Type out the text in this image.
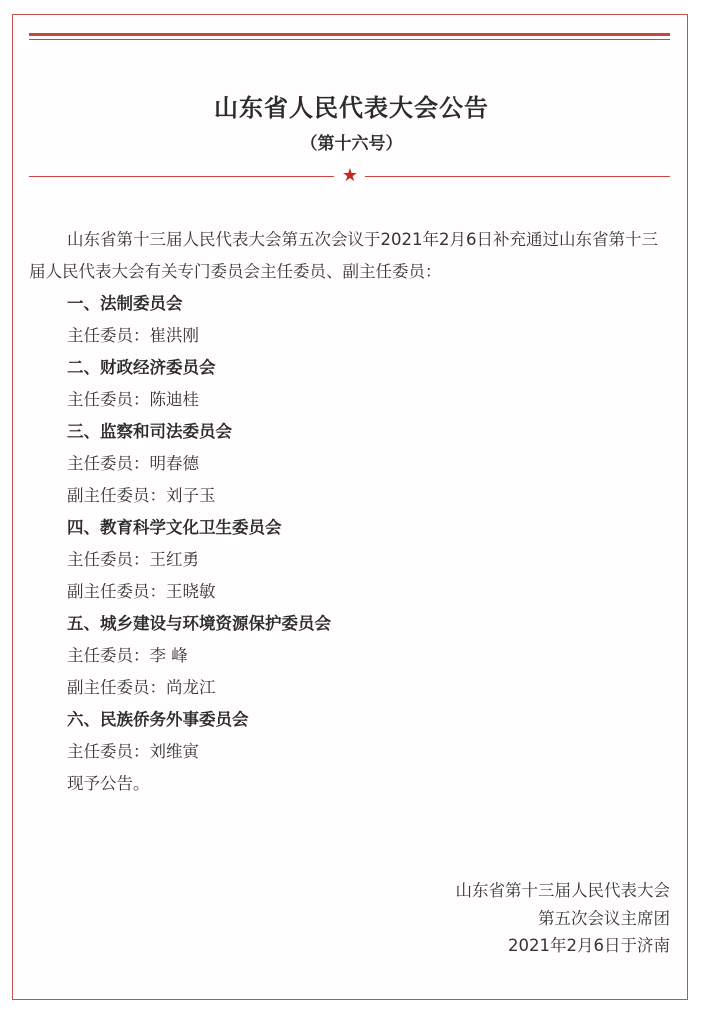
山东省人民代表大会公告
（第十六号）
★

山东省第十三届人民代表大会第五次会议于2021年2月6日补充通过山东省第十三届人民代表大会有关专门委员会主任委员、副主任委员：

一、法制委员会

主任委员：崔洪刚

二、财政经济委员会

主任委员：陈迪桂

三、监察和司法委员会

主任委员：明春德

副主任委员：刘子玉

四、教育科学文化卫生委员会

主任委员：王红勇

副主任委员：王晓敏

五、城乡建设与环境资源保护委员会

主任委员：李 峰

副主任委员：尚龙江

六、民族侨务外事委员会

主任委员：刘维寅

现予公告。

山东省第十三届人民代表大会
第五次会议主席团
2021年2月6日于济南
